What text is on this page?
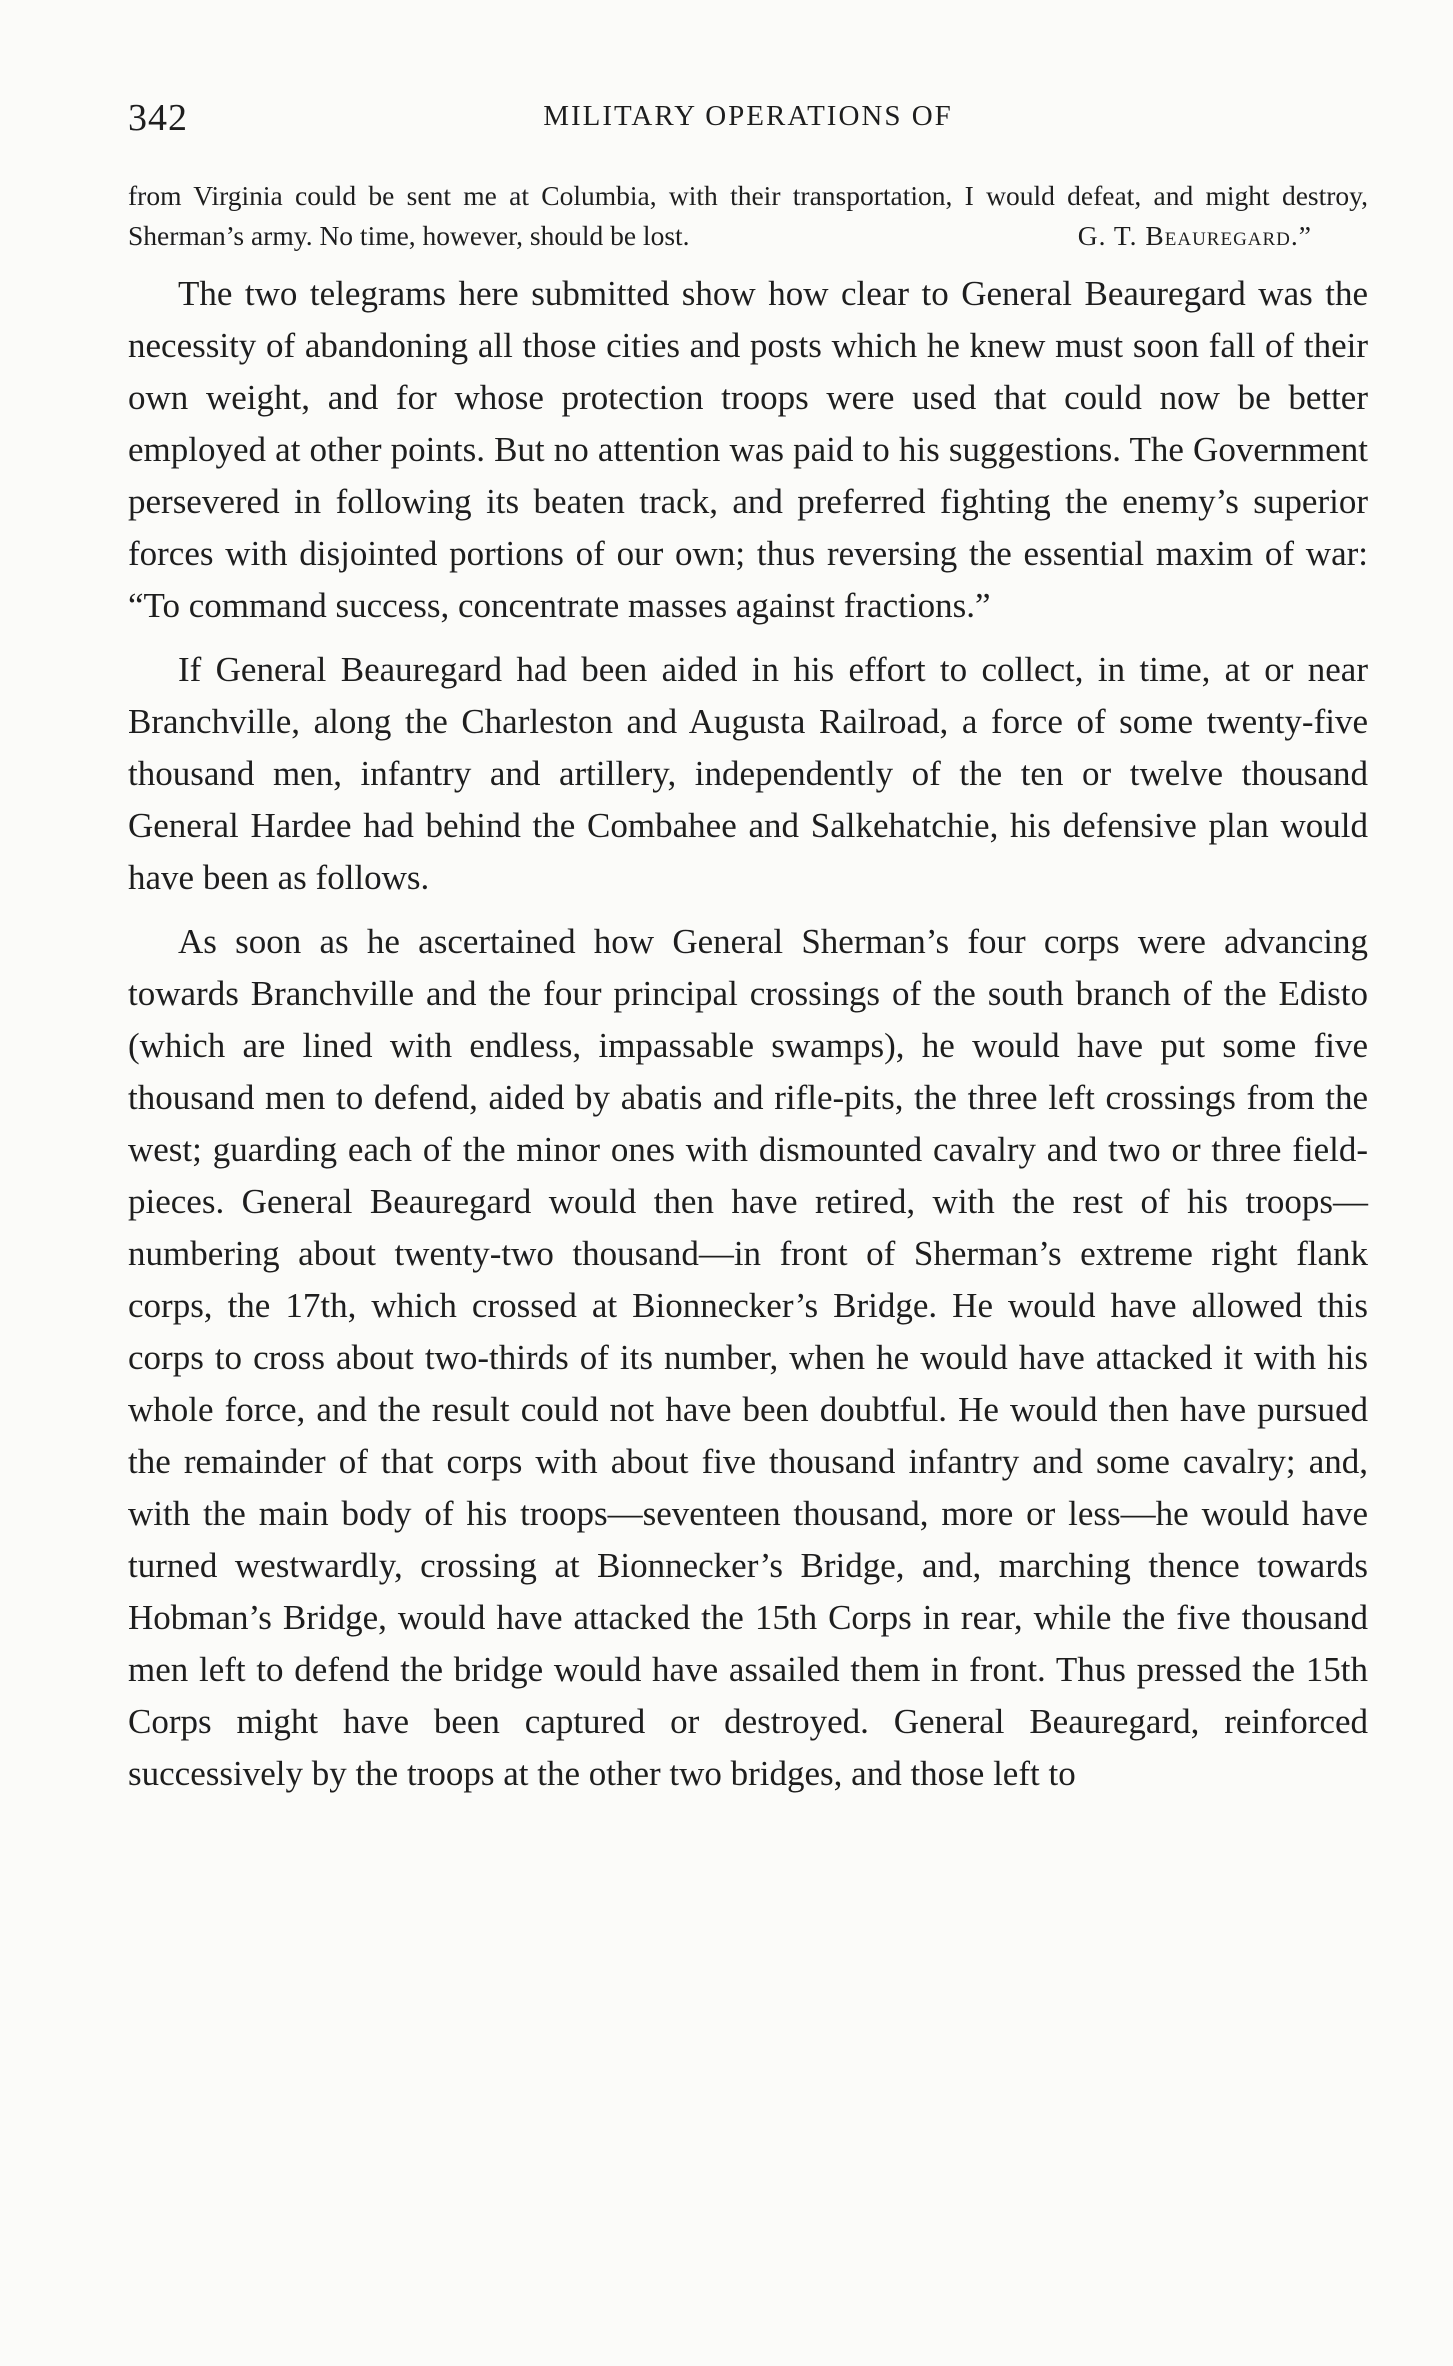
342	MILITARY OPERATIONS OF
from Virginia could be sent me at Columbia, with their transportation, I would defeat, and might destroy, Sherman’s army. No time, however, should be lost.	G. T. Beauregard.”

The two telegrams here submitted show how clear to General Beauregard was the necessity of abandoning all those cities and posts which he knew must soon fall of their own weight, and for whose protection troops were used that could now be better employed at other points. But no attention was paid to his suggestions. The Government persevered in following its beaten track, and preferred fighting the enemy’s superior forces with disjointed portions of our own; thus reversing the essential maxim of war: “To command success, concentrate masses against fractions.”

If General Beauregard had been aided in his effort to collect, in time, at or near Branchville, along the Charleston and Augusta Railroad, a force of some twenty-five thousand men, infantry and artillery, independently of the ten or twelve thousand General Hardee had behind the Combahee and Salkehatchie, his defensive plan would have been as follows.

As soon as he ascertained how General Sherman’s four corps were advancing towards Branchville and the four principal crossings of the south branch of the Edisto (which are lined with endless, impassable swamps), he would have put some five thousand men to defend, aided by abatis and rifle-pits, the three left crossings from the west; guarding each of the minor ones with dismounted cavalry and two or three field-pieces. General Beauregard would then have retired, with the rest of his troops—numbering about twenty-two thousand—in front of Sherman’s extreme right flank corps, the 17th, which crossed at Bionnecker’s Bridge. He would have allowed this corps to cross about two-thirds of its number, when he would have attacked it with his whole force, and the result could not have been doubtful. He would then have pursued the remainder of that corps with about five thousand infantry and some cavalry; and, with the main body of his troops—seventeen thousand, more or less—he would have turned westwardly, crossing at Bionnecker’s Bridge, and, marching thence towards Hobman’s Bridge, would have attacked the 15th Corps in rear, while the five thousand men left to defend the bridge would have assailed them in front. Thus pressed the 15th Corps might have been captured or destroyed. General Beauregard, reinforced successively by the troops at the other two bridges, and those left to
